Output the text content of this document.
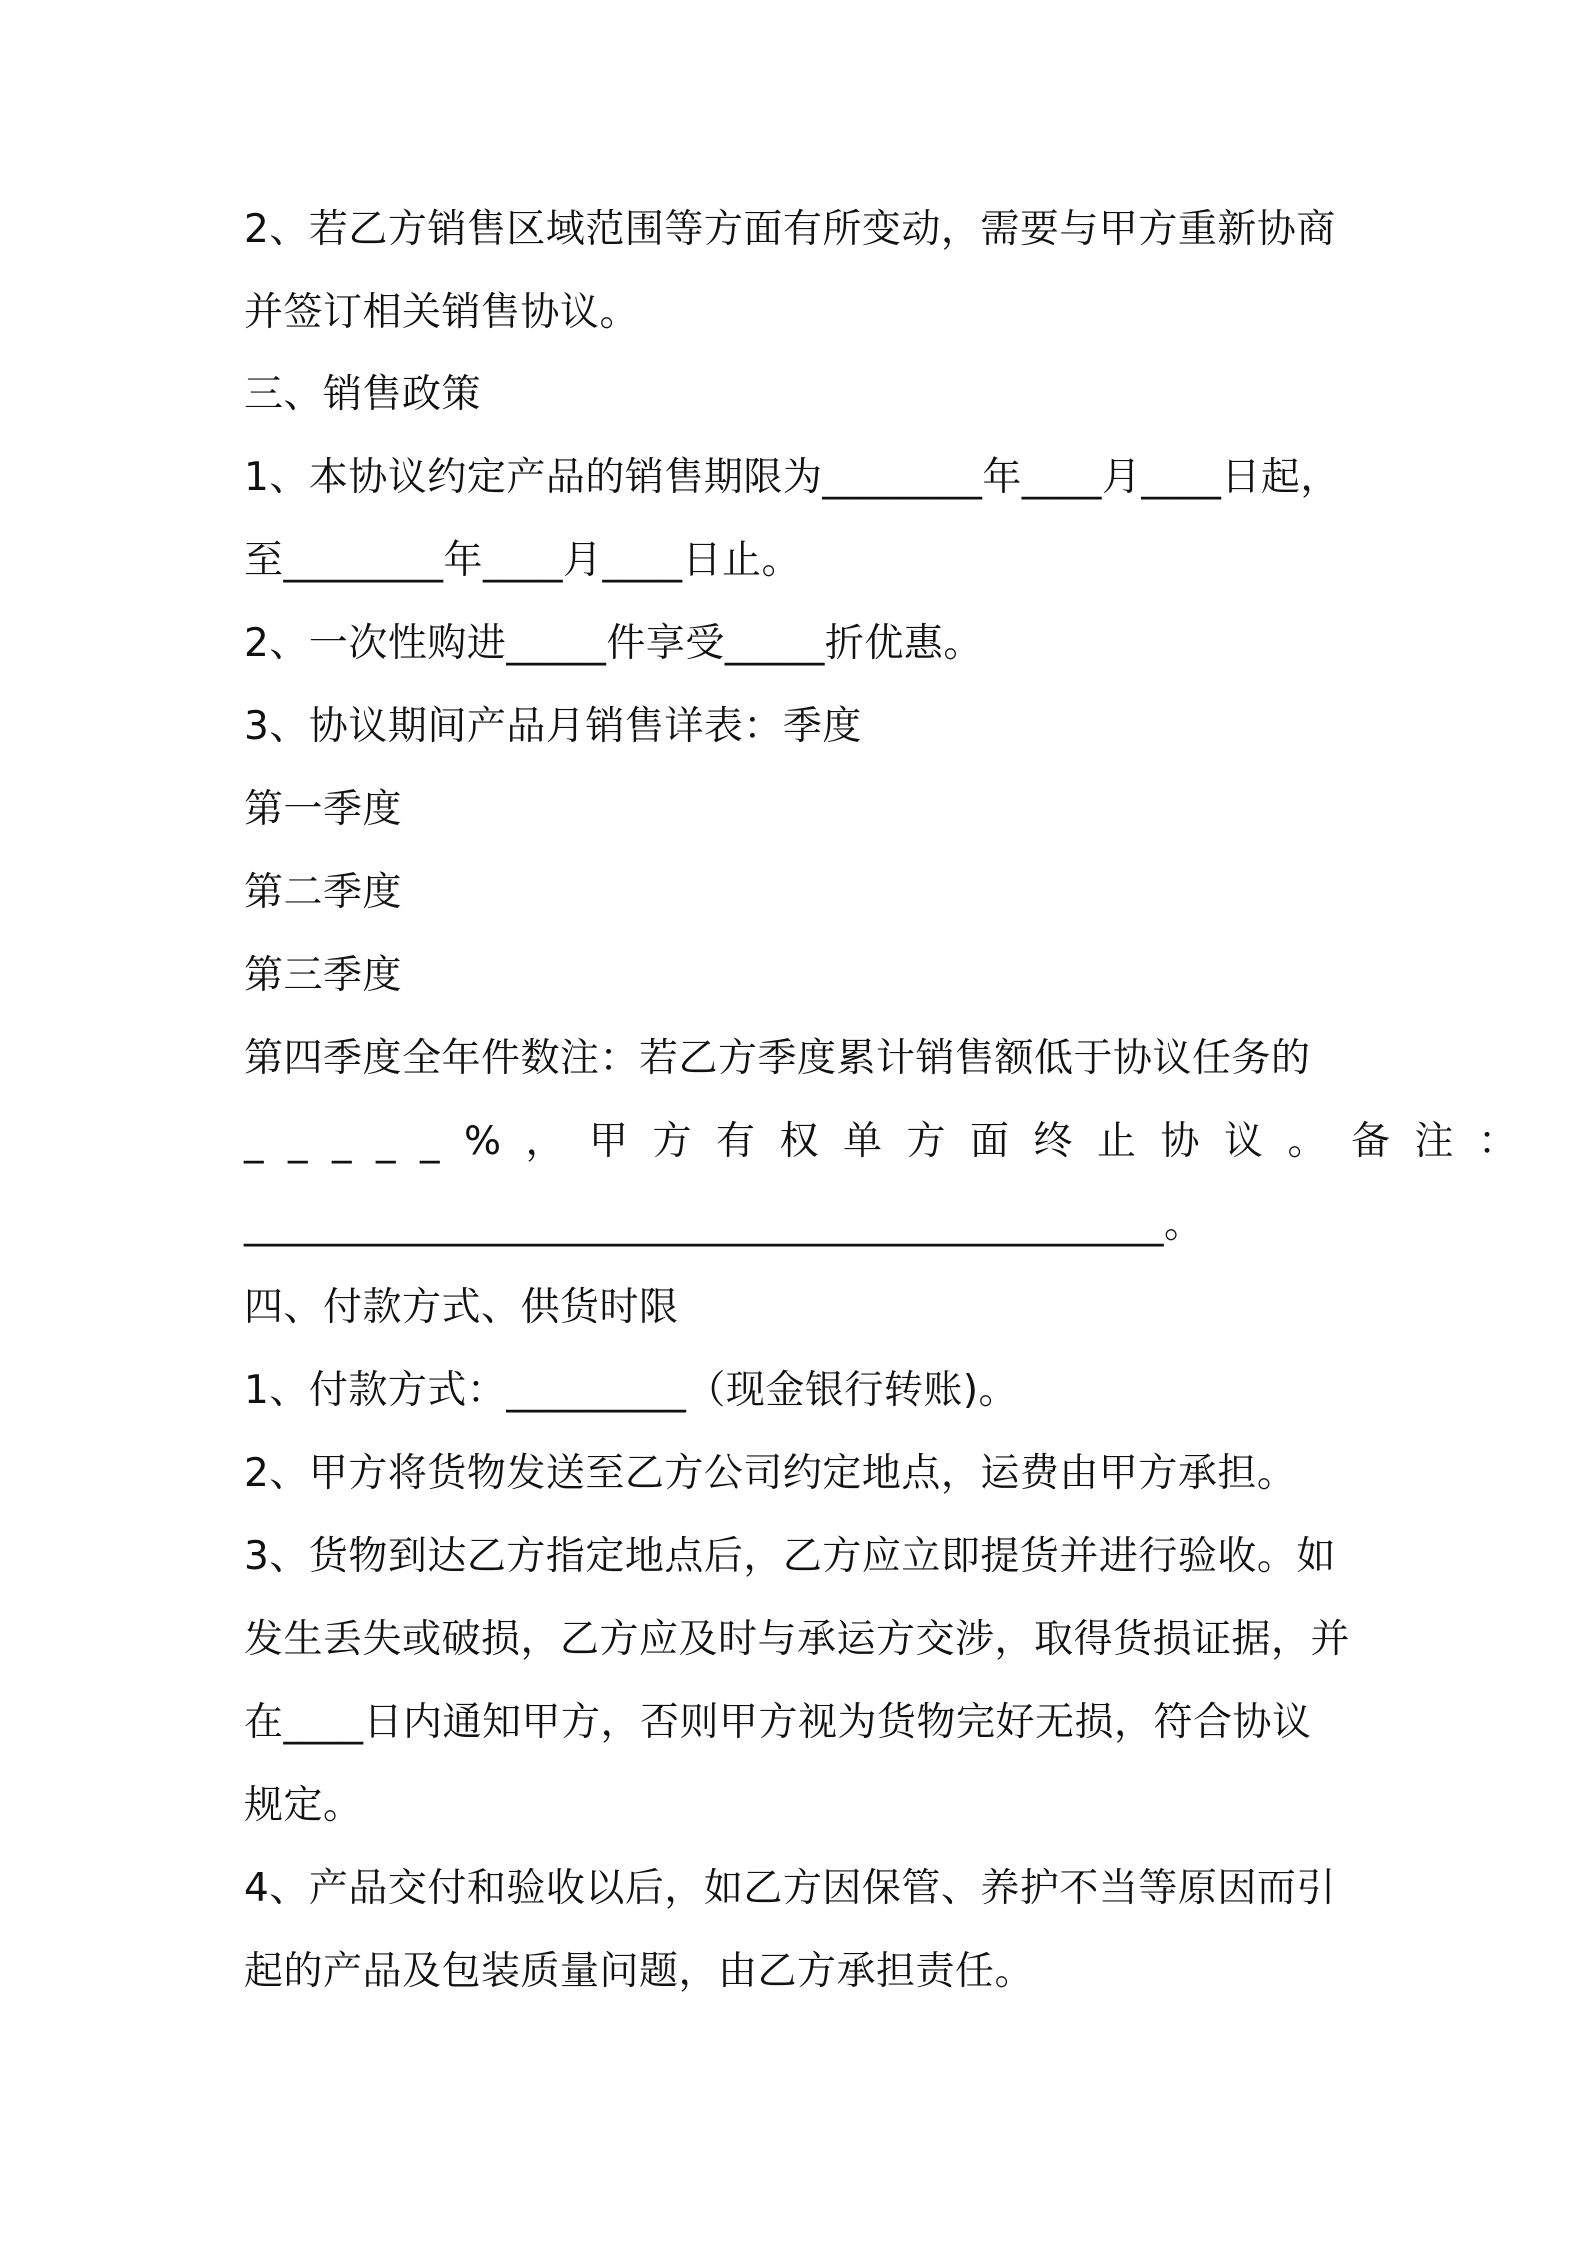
2、若乙方销售区域范围等方面有所变动，需要与甲方重新协商
并签订相关销售协议。
三、销售政策
1、本协议约定产品的销售期限为________年____月____日起，
至________年____月____日止。
2、一次性购进_____件享受_____折优惠。
3、协议期间产品月销售详表：季度
第一季度
第二季度
第三季度
第四季度全年件数注：若乙方季度累计销售额低于协议任务的
_____%，甲方有权单方面终止协议。备注：
______________________________________________。
四、付款方式、供货时限
1、付款方式：_________（现金银行转账)。
2、甲方将货物发送至乙方公司约定地点，运费由甲方承担。
3、货物到达乙方指定地点后，乙方应立即提货并进行验收。如
发生丢失或破损，乙方应及时与承运方交涉，取得货损证据，并
在____日内通知甲方，否则甲方视为货物完好无损，符合协议
规定。
4、产品交付和验收以后，如乙方因保管、养护不当等原因而引
起的产品及包装质量问题，由乙方承担责任。
